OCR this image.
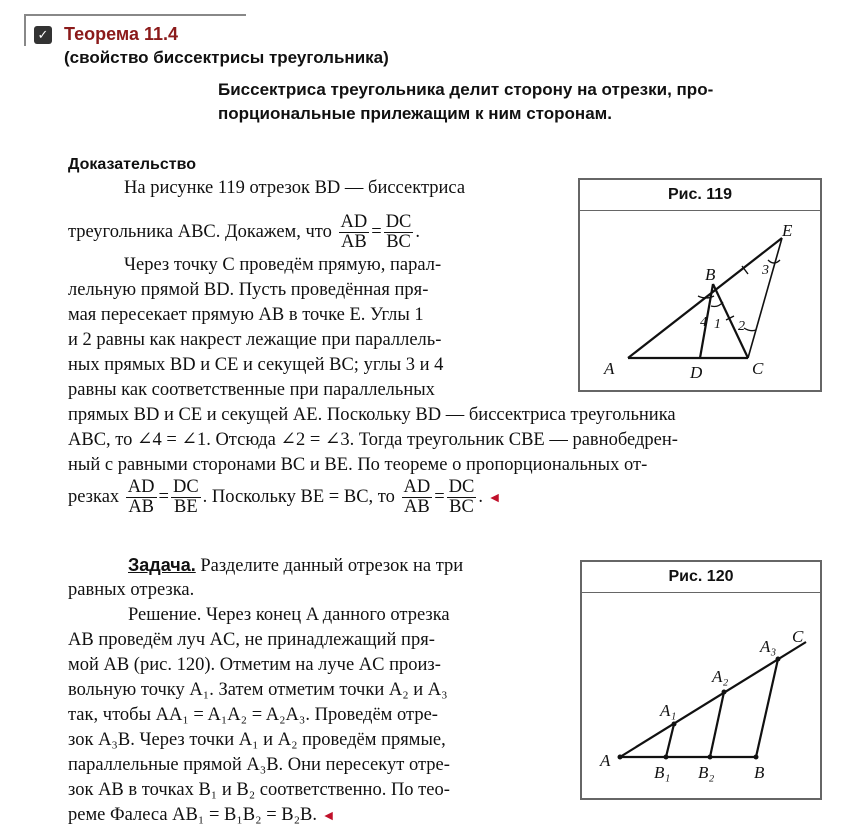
✓ Теорема 11.4
(свойство биссектрисы треугольника)
Биссектриса треугольника делит сторону на отрезки, про-
порциональные прилежащим к ним сторонам.
Доказательство
На рисунке 119 отрезок BD — биссектриса
треугольника ABC. Докажем, что $\frac{AD}{AB} = \frac{DC}{BC}$ .
Через точку C проведём прямую, парал-
лельную прямой BD. Пусть проведённая пря-
мая пересекает прямую AB в точке E. Углы 1
и 2 равны как накрест лежащие при параллель-
ных прямых BD и CE и секущей BC; углы 3 и 4
равны как соответственные при параллельных
прямых BD и CE и секущей AE. Поскольку BD — биссектриса треугольника
ABC, то ∠4 = ∠1. Отсюда ∠2 = ∠3. Тогда треугольник CBE — равнобедрен-
ный с равными сторонами BC и BE. По теореме о пропорциональных от-
резках $\frac{AD}{AB} = \frac{DC}{BE}$ . Поскольку BE = BC, то $\frac{AD}{AB} = \frac{DC}{BC}$ . ◄
Рис. 119
A
B
C
D
E
1 2
3
4
Задача. Разделите данный отрезок на три
равных отрезка.
Решение. Через конец A данного отрезка
AB проведём луч AC, не принадлежащий пря-
мой AB (рис. 120). Отметим на луче AC произ-
вольную точку A₁. Затем отметим точки A₂ и A₃
так, чтобы AA₁ = A₁A₂ = A₂A₃. Проведём отре-
зок A₃B. Через точки A₁ и A₂ проведём прямые,
параллельные прямой A₃B. Они пересекут отре-
зок AB в точках B₁ и B₂ соответственно. По тео-
реме Фалеса AB₁ = B₁B₂ = B₂B. ◄
Рис. 120
A
B
B₁ B₂
A₁
A₂
A₃
C
